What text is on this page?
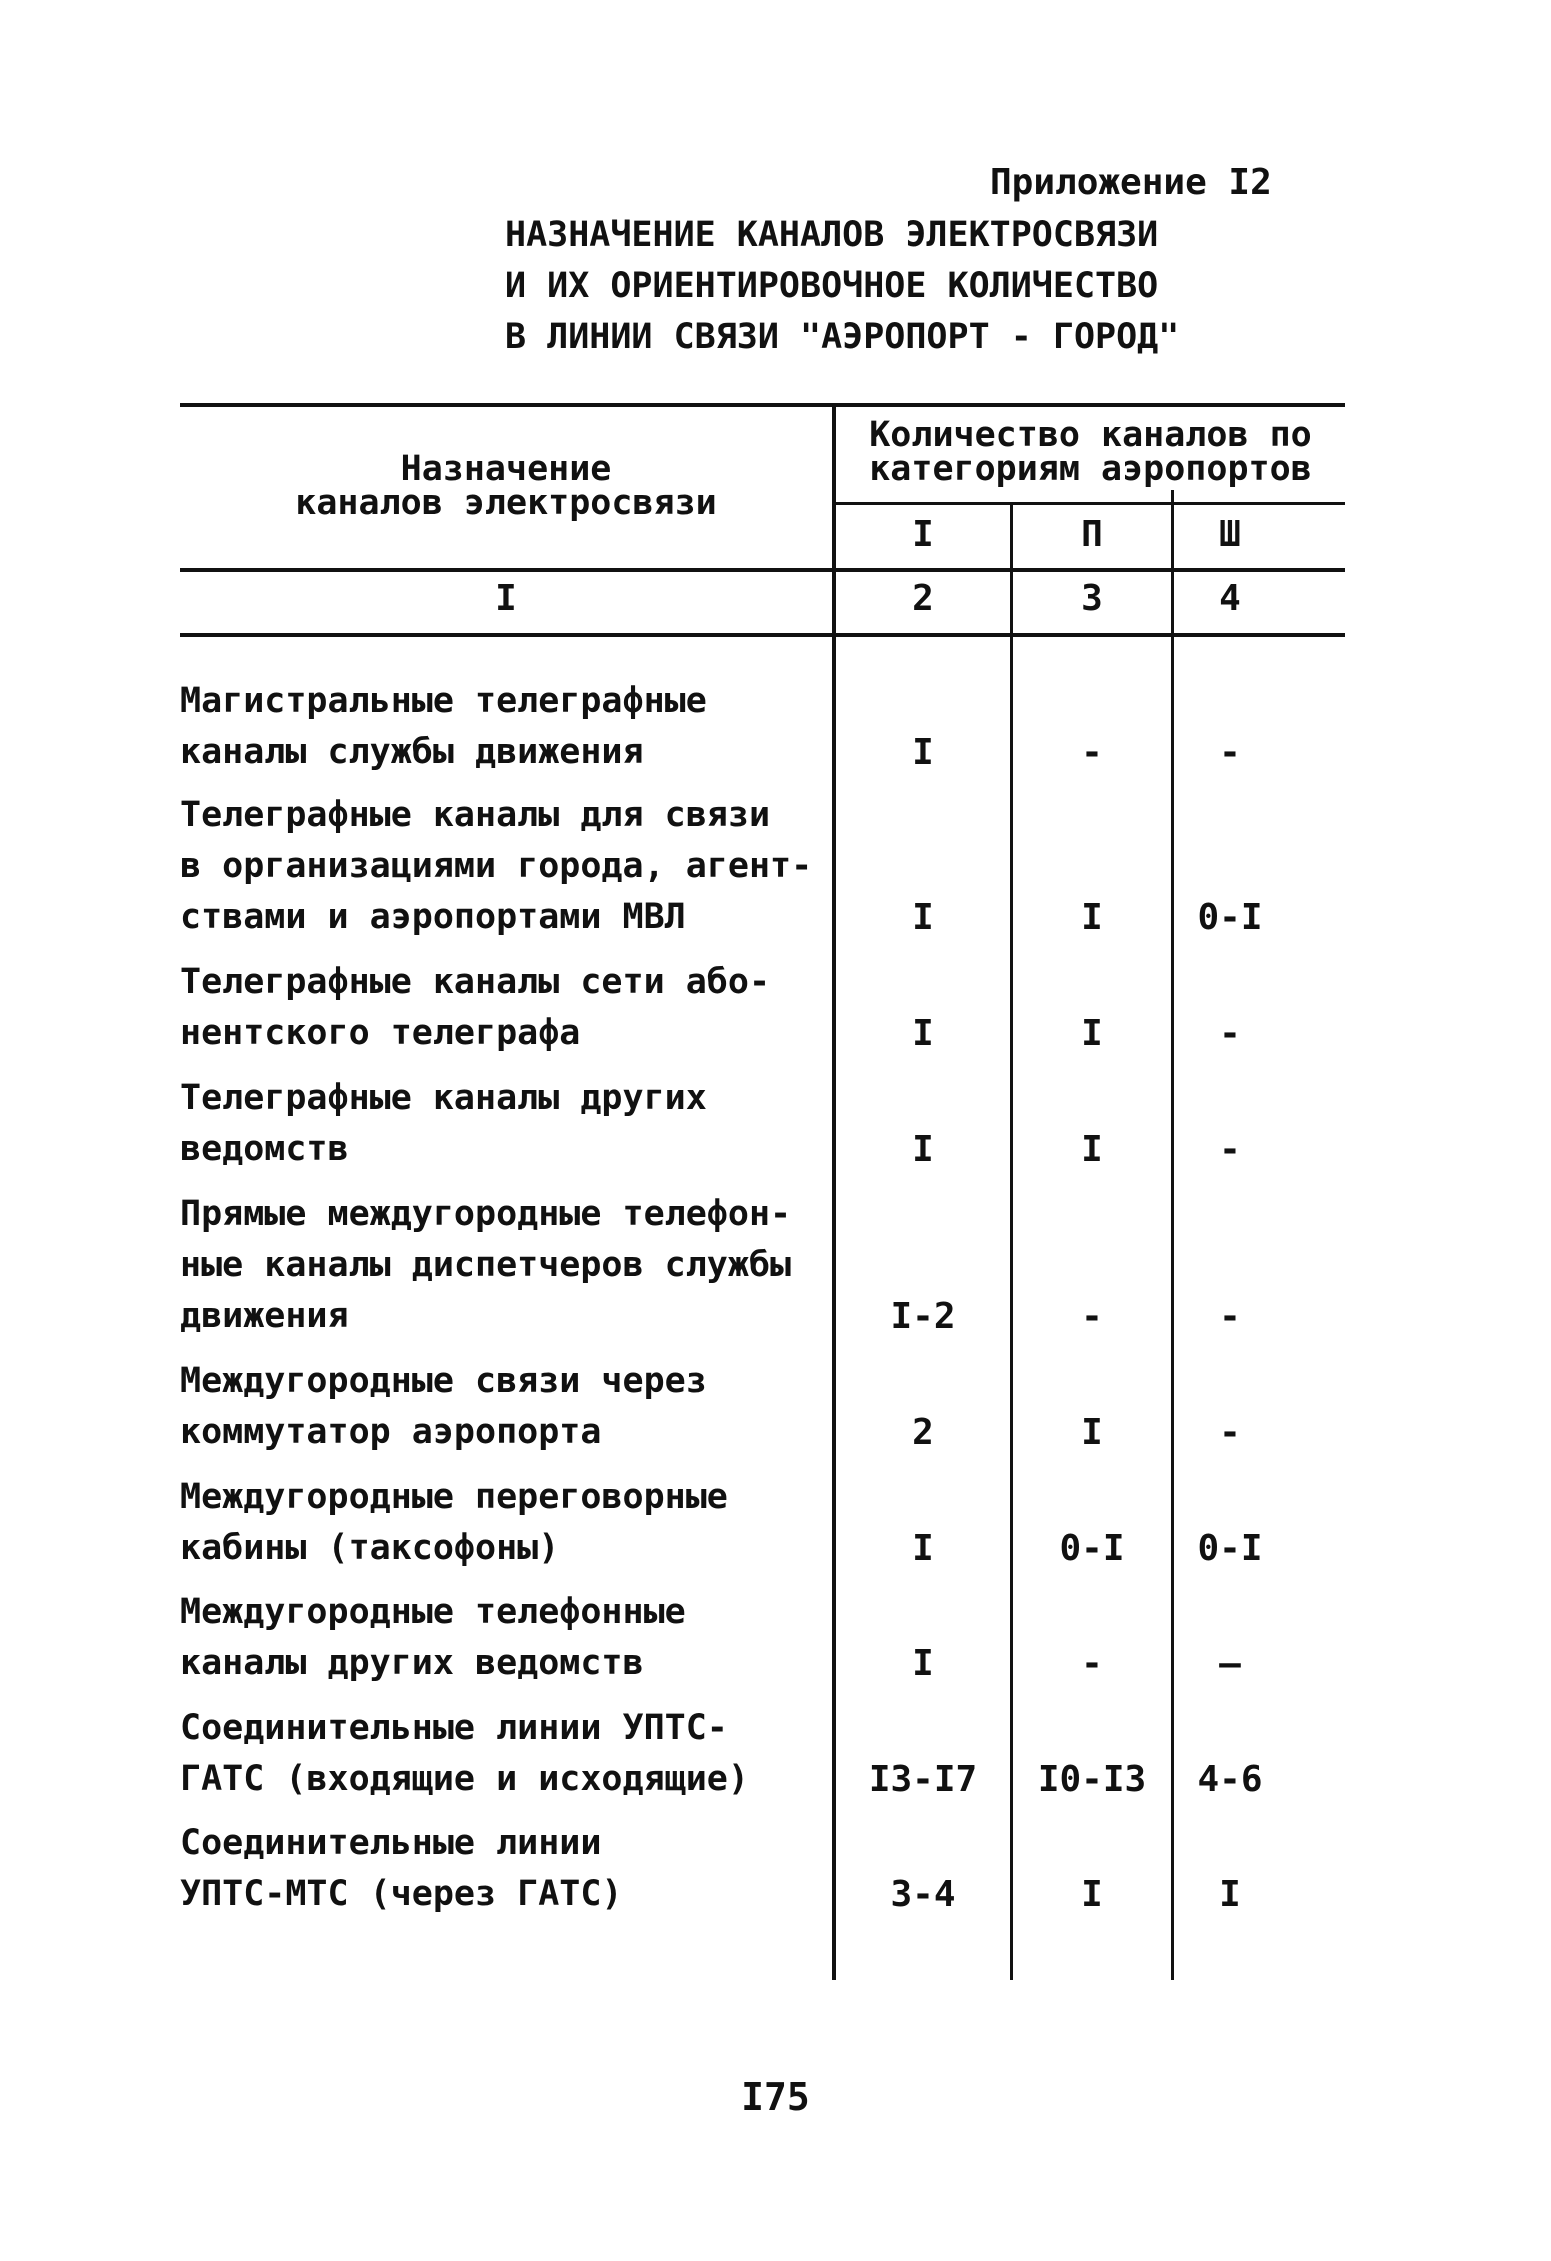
Приложение I2
НАЗНАЧЕНИЕ КАНАЛОВ ЭЛЕКТРОСВЯЗИ
И ИХ ОРИЕНТИРОВОЧНОЕ КОЛИЧЕСТВО
В ЛИНИИ СВЯЗИ "АЭРОПОРТ - ГОРОД"
Назначение
каналов электросвязи
Количество каналов по
категориям аэропортов
I	П	Ш
I	2	3	4
Магистральные телеграфные
каналы службы движения	I	-	-
Телеграфные каналы для связи
в организациями города, агент-
ствами и аэропортами МВЛ	I	I	0-I
Телеграфные каналы сети або-
нентского телеграфа	I	I	-
Телеграфные каналы других
ведомств	I	I	-
Прямые междугородные телефон-
ные каналы диспетчеров службы
движения	I-2	-	-
Междугородные связи через
коммутатор аэропорта	2	I	-
Междугородные переговорные
кабины (таксофоны)	I	0-I	0-I
Междугородные телефонные
каналы других ведомств	I	-	—
Соединительные линии УПТС-
ГАТС (входящие и исходящие)	I3-I7	I0-I3	4-6
Соединительные линии
УПТС-МТС (через ГАТС)	3-4	I	I
I75
